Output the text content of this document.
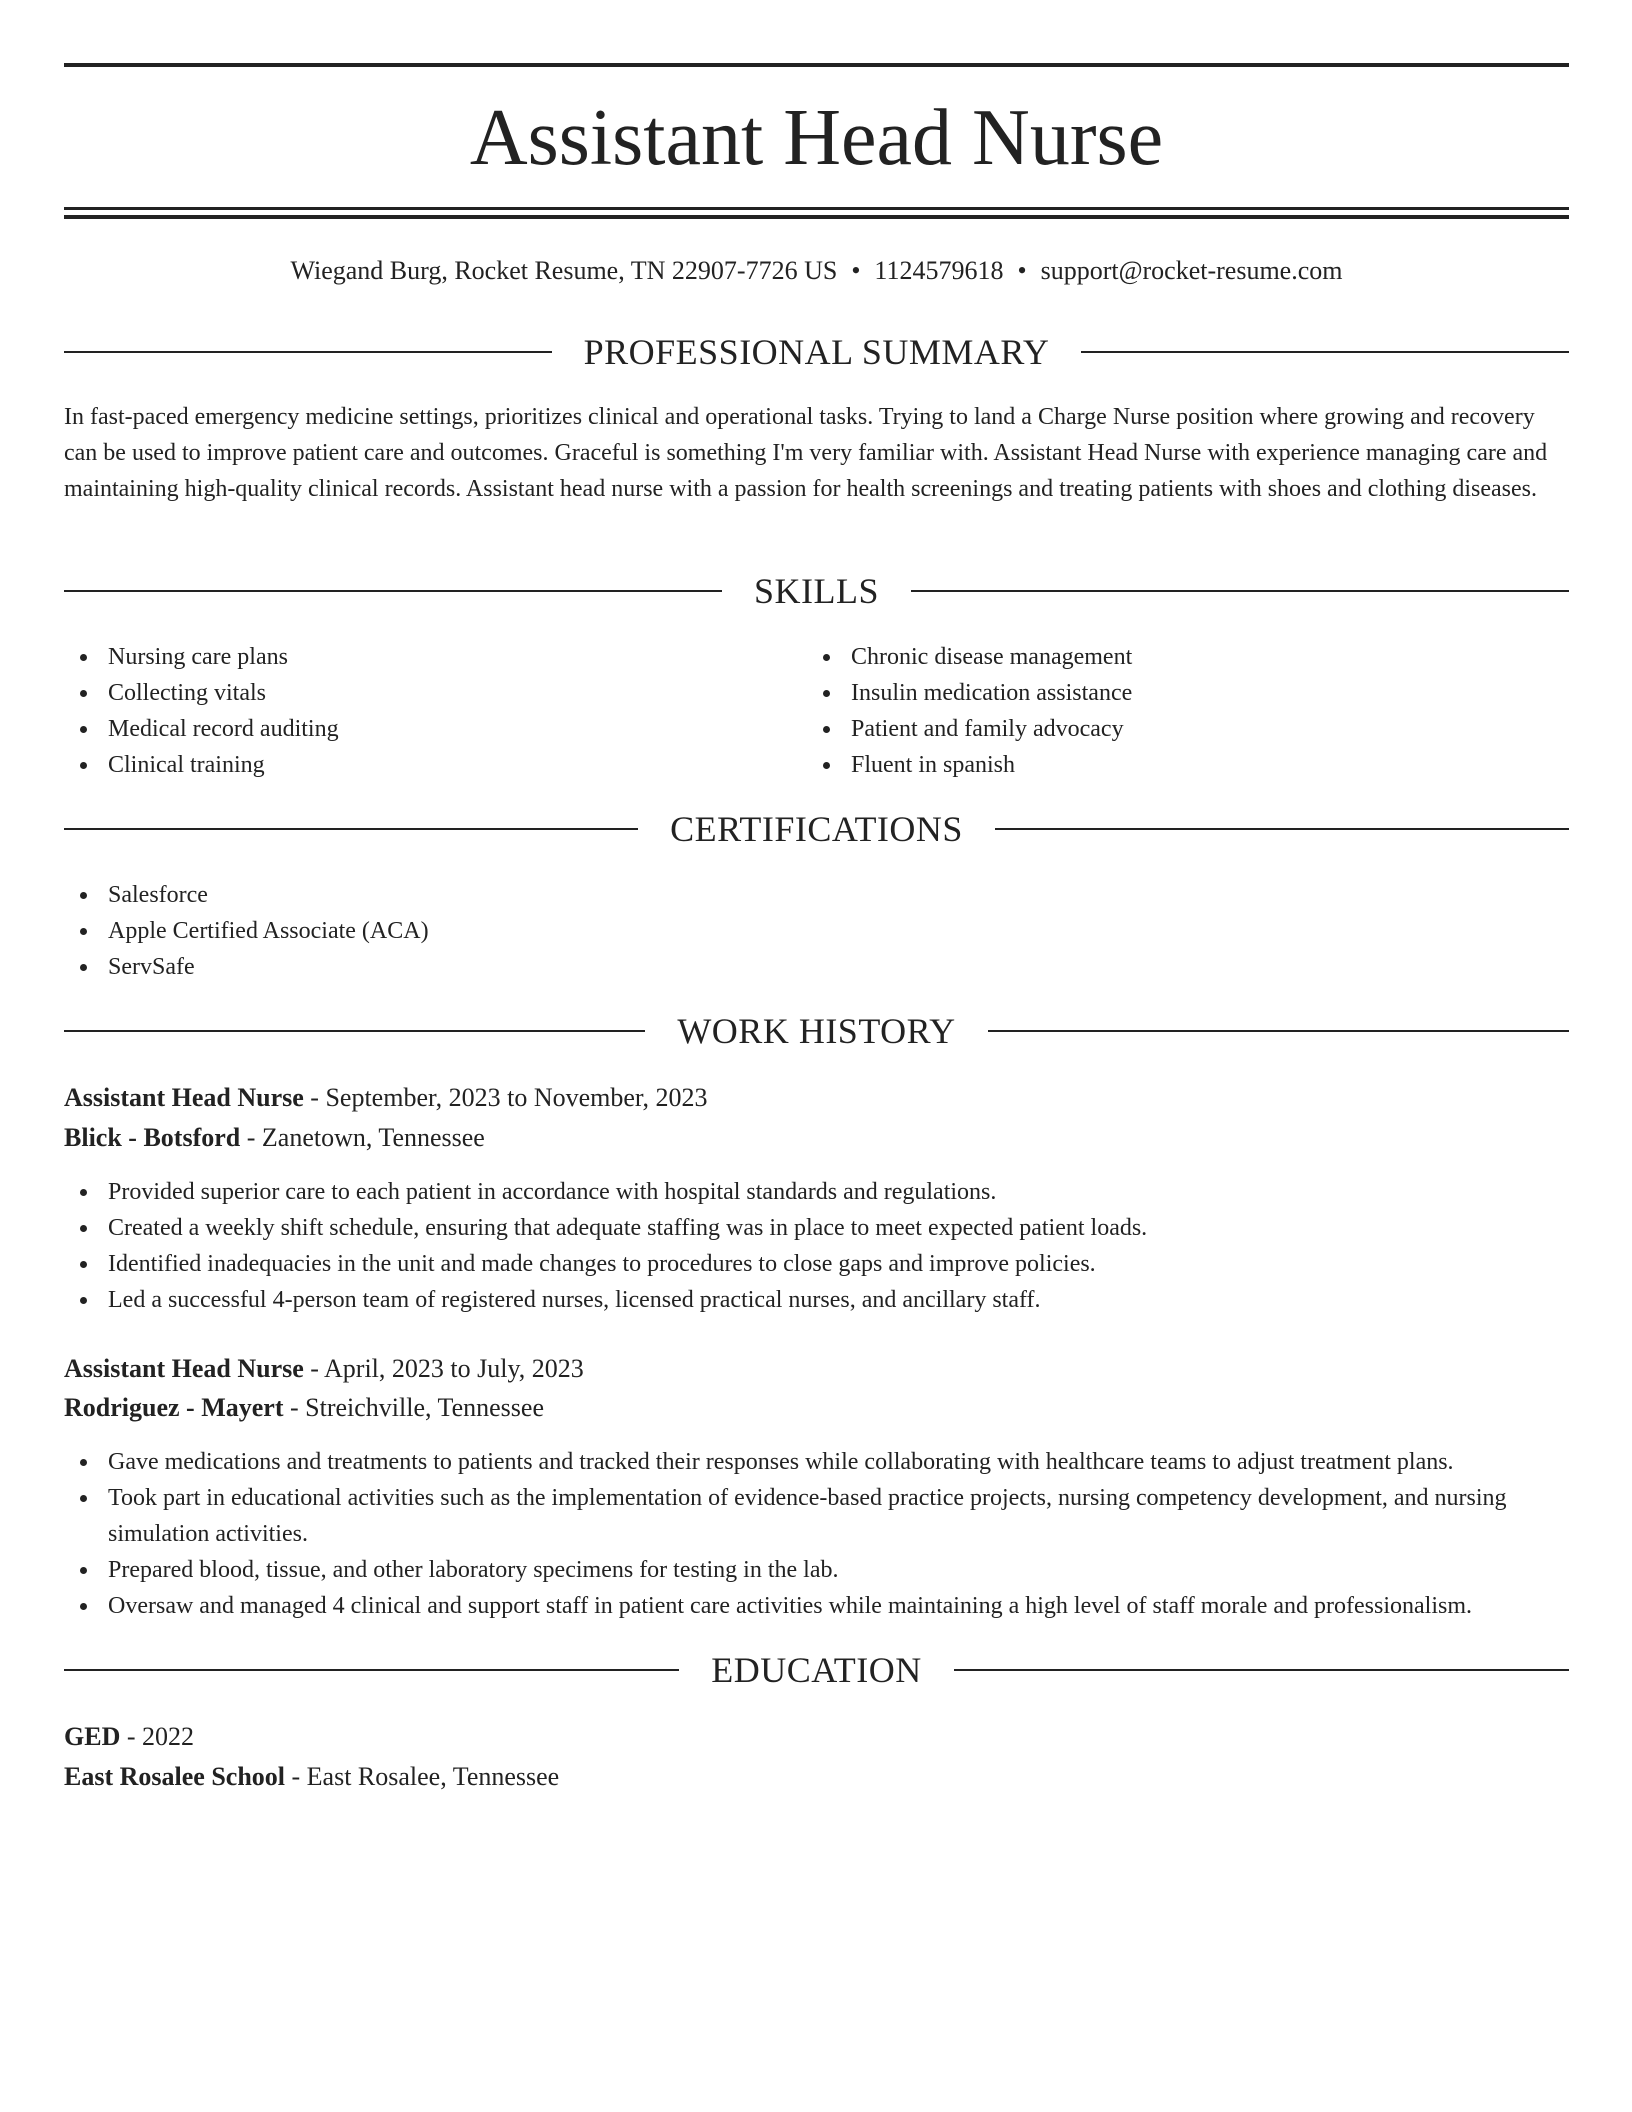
Assistant Head Nurse
Wiegand Burg, Rocket Resume, TN 22907-7726 US • 1124579618 • support@rocket-resume.com
PROFESSIONAL SUMMARY

In fast-paced emergency medicine settings, prioritizes clinical and operational tasks. Trying to land a Charge Nurse position where growing and recovery can be used to improve patient care and outcomes. Graceful is something I'm very familiar with. Assistant Head Nurse with experience managing care and maintaining high-quality clinical records. Assistant head nurse with a passion for health screenings and treating patients with shoes and clothing diseases.

SKILLS
Nursing care plans
Collecting vitals
Medical record auditing
Clinical training
Chronic disease management
Insulin medication assistance
Patient and family advocacy
Fluent in spanish
CERTIFICATIONS
Salesforce
Apple Certified Associate (ACA)
ServSafe
WORK HISTORY
Assistant Head Nurse - September, 2023 to November, 2023
Blick - Botsford - Zanetown, Tennessee
Provided superior care to each patient in accordance with hospital standards and regulations.
Created a weekly shift schedule, ensuring that adequate staffing was in place to meet expected patient loads.
Identified inadequacies in the unit and made changes to procedures to close gaps and improve policies.
Led a successful 4-person team of registered nurses, licensed practical nurses, and ancillary staff.
Assistant Head Nurse - April, 2023 to July, 2023
Rodriguez - Mayert - Streichville, Tennessee
Gave medications and treatments to patients and tracked their responses while collaborating with healthcare teams to adjust treatment plans.
Took part in educational activities such as the implementation of evidence-based practice projects, nursing competency development, and nursing simulation activities.
Prepared blood, tissue, and other laboratory specimens for testing in the lab.
Oversaw and managed 4 clinical and support staff in patient care activities while maintaining a high level of staff morale and professionalism.
EDUCATION
GED - 2022
East Rosalee School - East Rosalee, Tennessee
